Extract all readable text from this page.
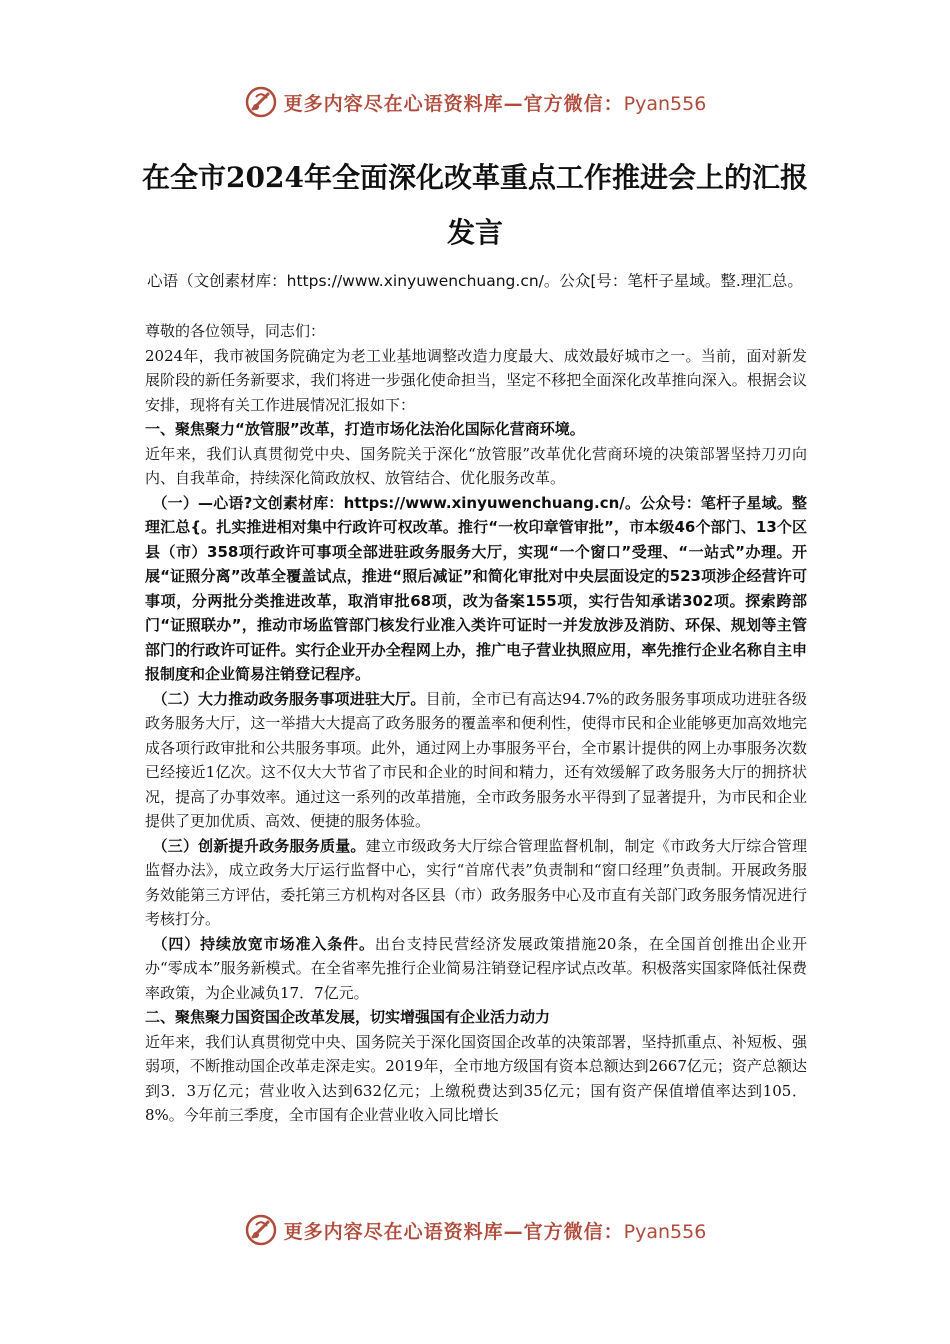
更多内容尽在心语资料库—官方微信：Pyan556
在全市2024年全面深化改革重点工作推进会上的汇报发言
心语（文创素材库：https://www.xinyuwenchuang.cn/。公众[号：笔杆子星域。整.理汇总。

尊敬的各位领导，同志们：

2024年，我市被国务院确定为老工业基地调整改造力度最大、成效最好城市之一。当前，面对新发展阶段的新任务新要求，我们将进一步强化使命担当，坚定不移把全面深化改革推向深入。根据会议安排，现将有关工作进展情况汇报如下：

一、聚焦聚力“放管服”改革，打造市场化法治化国际化营商环境。

近年来，我们认真贯彻党中央、国务院关于深化“放管服”改革优化营商环境的决策部署坚持刀刃向内、自我革命，持续深化简政放权、放管结合、优化服务改革。

（一）—心语?文创素材库：https://www.xinyuwenchuang.cn/。公众号：笔杆子星域。整理汇总{。扎实推进相对集中行政许可权改革。推行“一枚印章管审批”，市本级46个部门、13个区县（市）358项行政许可事项全部进驻政务服务大厅，实现“一个窗口”受理、“一站式”办理。开展“证照分离”改革全覆盖试点，推进“照后减证”和简化审批对中央层面设定的523项涉企经营许可事项，分两批分类推进改革，取消审批68项，改为备案155项，实行告知承诺302项。探索跨部门“证照联办”，推动市场监管部门核发行业准入类许可证时一并发放涉及消防、环保、规划等主管部门的行政许可证件。实行企业开办全程网上办，推广电子营业执照应用，率先推行企业名称自主申报制度和企业简易注销登记程序。

（二）大力推动政务服务事项进驻大厅。目前，全市已有高达94.7%的政务服务事项成功进驻各级政务服务大厅，这一举措大大提高了政务服务的覆盖率和便利性，使得市民和企业能够更加高效地完成各项行政审批和公共服务事项。此外，通过网上办事服务平台，全市累计提供的网上办事服务次数已经接近1亿次。这不仅大大节省了市民和企业的时间和精力，还有效缓解了政务服务大厅的拥挤状况，提高了办事效率。通过这一系列的改革措施，全市政务服务水平得到了显著提升，为市民和企业提供了更加优质、高效、便捷的服务体验。

（三）创新提升政务服务质量。建立市级政务大厅综合管理监督机制，制定《市政务大厅综合管理监督办法》，成立政务大厅运行监督中心，实行“首席代表”负责制和“窗口经理”负责制。开展政务服务效能第三方评估，委托第三方机构对各区县（市）政务服务中心及市直有关部门政务服务情况进行考核打分。

（四）持续放宽市场准入条件。出台支持民营经济发展政策措施20条，在全国首创推出企业开办“零成本”服务新模式。在全省率先推行企业简易注销登记程序试点改革。积极落实国家降低社保费率政策，为企业减负17．7亿元。

二、聚焦聚力国资国企改革发展，切实增强国有企业活力动力

近年来，我们认真贯彻党中央、国务院关于深化国资国企改革的决策部署，坚持抓重点、补短板、强弱项，不断推动国企改革走深走实。2019年，全市地方级国有资本总额达到2667亿元；资产总额达到3．3万亿元；营业收入达到632亿元；上缴税费达到35亿元；国有资产保值增值率达到105．8%。今年前三季度，全市国有企业营业收入同比增长

更多内容尽在心语资料库—官方微信：Pyan556
